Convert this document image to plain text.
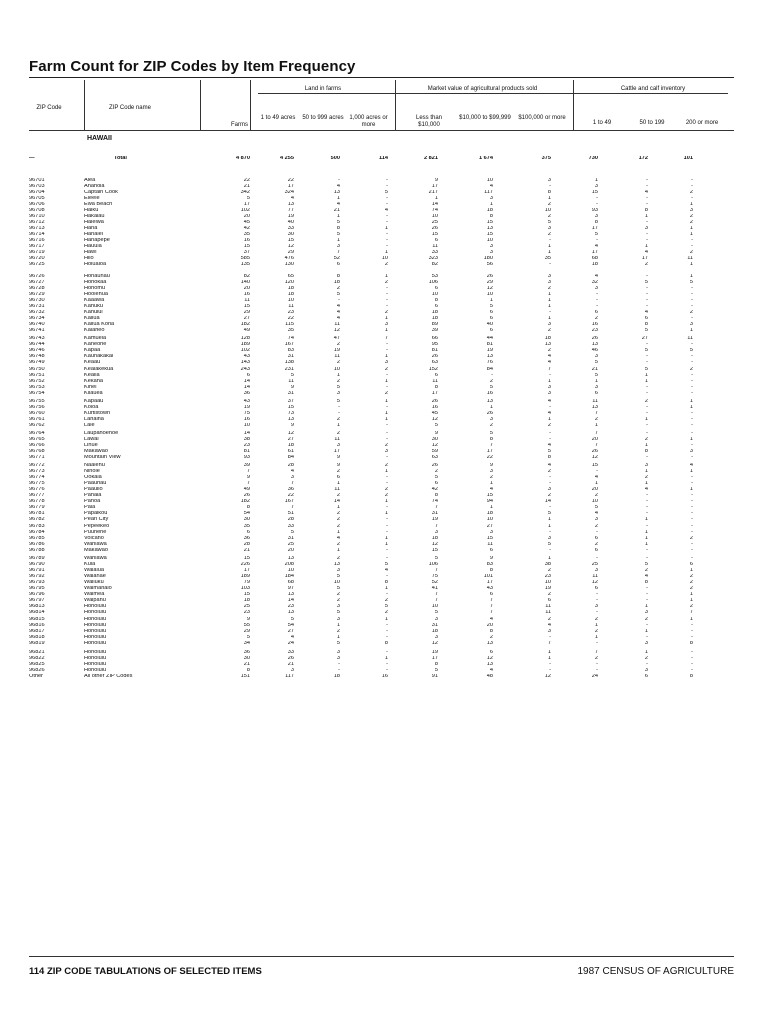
Farm Count for ZIP Codes by Item Frequency
ZIP Code	ZIP Code name
Farms
Land in farms	Market value of agricultural products sold	Cattle and calf inventory
1 to 49 acres	50 to 999 acres 1,000 acres or more
Less than $10,000
$10,000 to $99,999	$100,000 or more
1 to 49	50 to 199	200 or more
HAWAII
—	Total	4 870	4 255	500	114	2 821	1 674	375	730	172	101
96701	Aiea	22	22	-	-	9	10	3	1	-	-
96703	Anahola	21	17	4	-	17	4	-	3	-	-
96704	Captain Cook	342	324	13	5	217	117	8	15	4	2
96705	Eleele	5	4	1	-	1	3	1	-	-	-
96706	Ewa Beach	17	13	4	-	14	1	2	-	-	1
96708	Haiku	102	77	21	4	74	18	10	93	8	3
96710	Hakalau	20	19	1	-	10	8	2	3	1	2
96712	Haleiwa	45	40	5	-	25	15	5	8	-	2
96713	Hana	42	33	8	1	26	13	3	17	3	1
96714	Hanalei	35	30	5	-	15	15	2	5	-	1
96716	Hanapepe	16	15	1	-	6	10	-	-	-	-
96717	Hauula	15	12	3	-	11	3	1	4	1	-
96719	Hawi	37	29	7	1	33	3	1	17	4	2
96720	Hilo	585	476	52	10	323	180	35	68	17	11
96725	Holualoa	135	130	6	2	82	56	-	18	2	1
96726	Honaunau	82	65	8	1	53	26	3	4	-	1
96727	Honokaa	140	120	18	2	106	29	3	32	5	5
96728	Honomu	20	18	2	-	6	12	2	3	-	-
96729	Hoolehua	16	18	5	-	10	10	1	-	-	-
96730	Kaaawa	11	10	-	-	8	1	1	-	-	-
96731	Kahuku	15	11	4	-	6	5	1	-	-	-
96732	Kahului	29	23	4	2	18	6	-	6	4	2
96734	Kailua	27	22	4	1	18	6	1	2	6	-
96740	Kailua Kona	182	115	11	3	89	40	3	16	8	3
96741	Kalaheo	49	35	12	1	39	6	2	23	5	1
96743	Kamuela	128	74	47	7	66	44	18	26	27	11
96744	Kaneohe	189	167	2	-	95	81	13	13	-	-
96746	Kapaa	102	83	19	-	81	19	2	46	5	5
96748	Kaunakakai	43	31	11	1	26	13	4	3	-	-
96749	Keaau	143	138	2	3	63	76	4	5	-	-
96750	Kealakekua	243	231	10	2	152	84	7	21	5	2
96751	Kealia	6	5	1	-	6	-	-	5	1	-
96752	Kekaha	14	11	2	1	11	2	1	1	1	-
96753	Kihei	14	9	5	-	8	5	3	3	-	-
96754	Kilauea	36	31	3	2	17	16	3	6	-	-
96755	Kapaau	43	37	5	1	26	13	4	11	2	1
96756	Koloa	19	15	-	-	16	1	-	13	-	1
96760	Kurtistown	75	73	-	1	45	26	4	7	-	-
96761	Lahaina	16	13	2	1	12	3	1	2	1	-
96762	Laie	10	9	1	-	5	2	2	1	-	-
96764	Laupahoehoe	14	12	2	-	9	5	-	7	-	-
96765	Lawai	38	27	11	-	30	8	-	20	2	1
96766	Lihue	23	18	3	2	12	7	4	7	1	-
96768	Makawao	81	61	17	3	59	17	5	26	8	3
96771	Mountain View	93	84	9	-	63	22	8	12	-	-
96772	Naalehu	39	28	9	2	26	9	4	15	3	4
96773	Ninole	7	4	2	1	2	3	2	-	1	1
96774	Ookala	9	3	6	-	5	2	-	4	2	-
96775	Paauhau	7	7	1	-	6	1	-	1	1	-
96776	Paauilo	49	36	11	2	42	4	3	20	4	1
96777	Pahala	26	22	2	2	8	15	2	2	-	-
96778	Pahoa	182	167	14	1	74	94	14	10	-	-
96779	Paia	8	7	1	-	7	1	-	5	-	-
96781	Papaikou	54	51	2	1	31	18	5	4	-	-
96782	Pearl City	30	28	2	-	19	10	1	3	1	-
96783	Pepeekeo	35	33	2	-	7	27	1	2	-	-
96784	Puunene	6	5	1	-	3	3	-	-	1	-
96785	Volcano	36	31	4	1	18	15	3	6	1	2
96786	Wahiawa	28	25	2	1	12	11	5	2	1	-
96788	Makawao	21	20	1	-	15	6	-	6	-	-
96789	Wahiawa	15	13	2	-	5	9	1	-	-	-
96790	Kula	226	208	13	5	106	83	38	25	5	6
96791	Waialua	17	10	3	4	7	8	2	3	2	1
96792	Waianae	189	184	5	-	75	101	23	11	4	2
96793	Wailuku	79	68	10	8	52	17	10	12	8	2
96795	Waimanalo	103	97	5	1	41	43	19	6	-	2
96796	Waimea	15	13	2	-	7	6	2	-	-	1
96797	Waipahu	18	14	2	2	7	7	6	-	-	1
96813	Honolulu	25	23	3	5	10	7	11	3	1	2
96814	Honolulu	23	13	5	2	5	7	11	-	3	7
96815	Honolulu	9	5	3	1	3	4	2	2	2	1
96816	Honolulu	55	54	1	-	31	20	4	1	-	-
96817	Honolulu	29	27	2	-	18	8	3	2	1	-
96818	Honolulu	5	4	1	-	3	2	-	1	-	-
96819	Honolulu	34	24	5	8	12	13	7	-	3	8
96821	Honolulu	36	33	3	-	19	6	1	7	1	-
96822	Honolulu	30	26	3	1	17	12	1	2	2	-
96825	Honolulu	21	21	-	-	8	13	-	-	-	-
96826	Honolulu	8	3	-	-	5	4	-	-	3	-
Other	All other ZIP Codes	151	117	18	16	91	48	12	24	6	8
114 ZIP CODE TABULATIONS OF SELECTED ITEMS	1987 CENSUS OF AGRICULTURE
